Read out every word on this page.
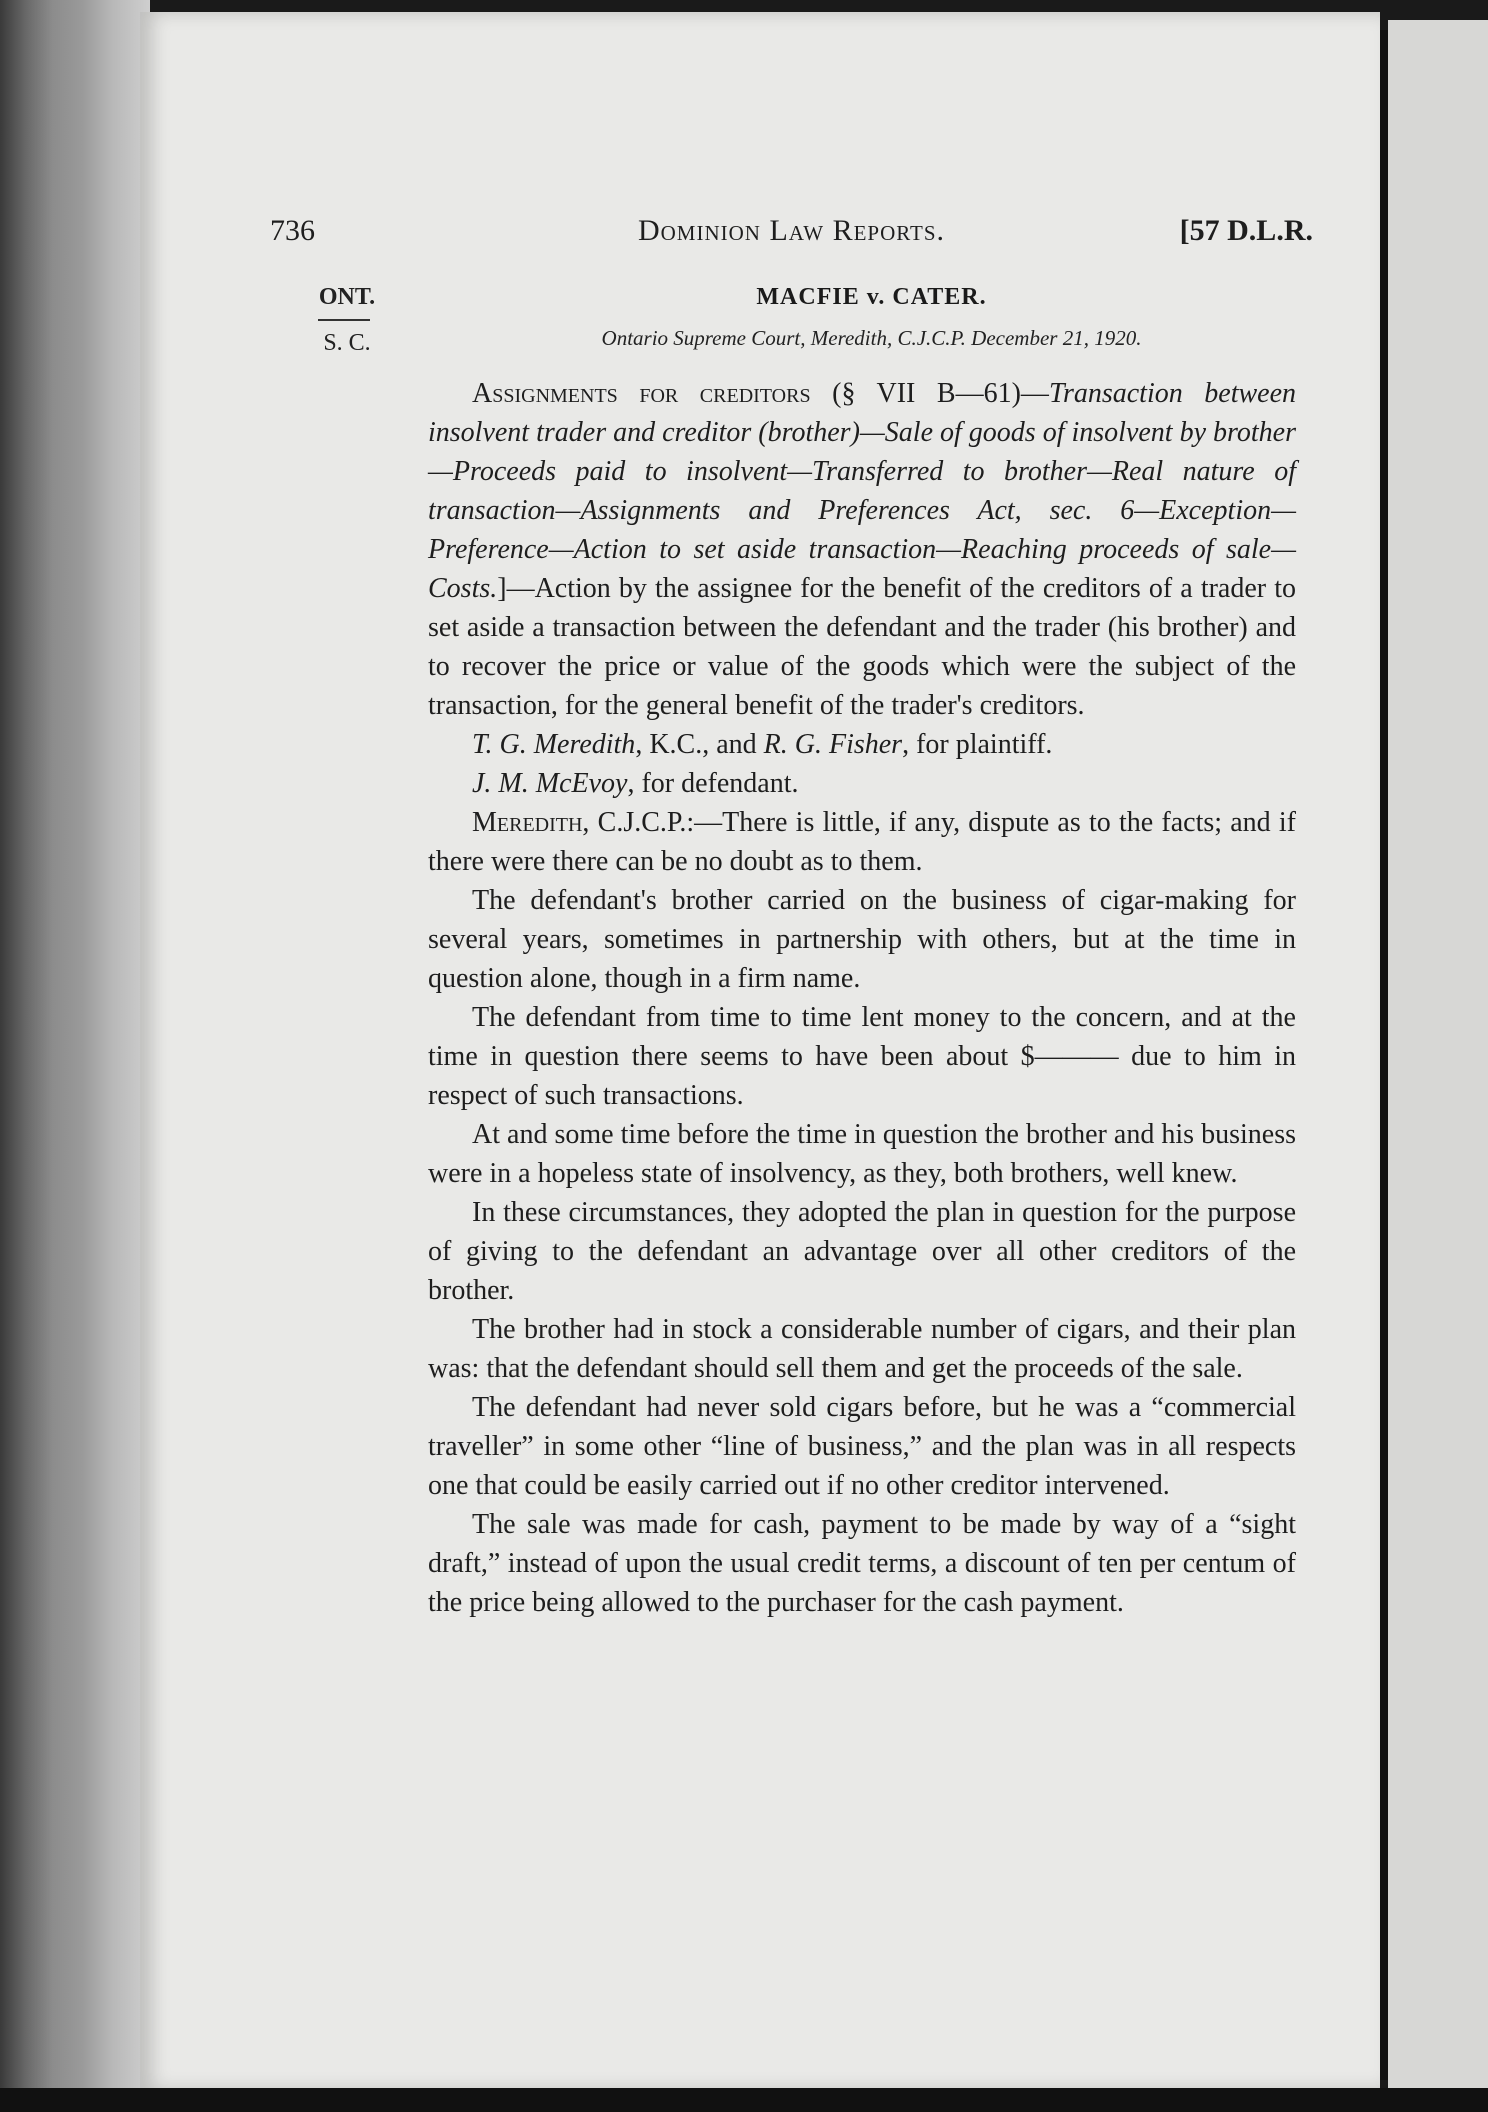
736	Dominion Law Reports.	[57 D.L.R.
ONT.
S. C.
MACFIE v. CATER.
Ontario Supreme Court, Meredith, C.J.C.P. December 21, 1920.

Assignments for creditors (§ VII B—61)—Transaction between insolvent trader and creditor (brother)—Sale of goods of insolvent by brother—Proceeds paid to insolvent—Transferred to brother—Real nature of transaction—Assignments and Preferences Act, sec. 6—Exception—Preference—Action to set aside transaction—Reaching proceeds of sale—Costs.]—Action by the assignee for the benefit of the creditors of a trader to set aside a transaction between the defendant and the trader (his brother) and to recover the price or value of the goods which were the subject of the transaction, for the general benefit of the trader's creditors.

T. G. Meredith, K.C., and R. G. Fisher, for plaintiff.

J. M. McEvoy, for defendant.

Meredith, C.J.C.P.:—There is little, if any, dispute as to the facts; and if there were there can be no doubt as to them.

The defendant's brother carried on the business of cigar-making for several years, sometimes in partnership with others, but at the time in question alone, though in a firm name.

The defendant from time to time lent money to the concern, and at the time in question there seems to have been about $——— due to him in respect of such transactions.

At and some time before the time in question the brother and his business were in a hopeless state of insolvency, as they, both brothers, well knew.

In these circumstances, they adopted the plan in question for the purpose of giving to the defendant an advantage over all other creditors of the brother.

The brother had in stock a considerable number of cigars, and their plan was: that the defendant should sell them and get the proceeds of the sale.

The defendant had never sold cigars before, but he was a “commercial traveller” in some other “line of business,” and the plan was in all respects one that could be easily carried out if no other creditor intervened.

The sale was made for cash, payment to be made by way of a “sight draft,” instead of upon the usual credit terms, a discount of ten per centum of the price being allowed to the purchaser for the cash payment.
